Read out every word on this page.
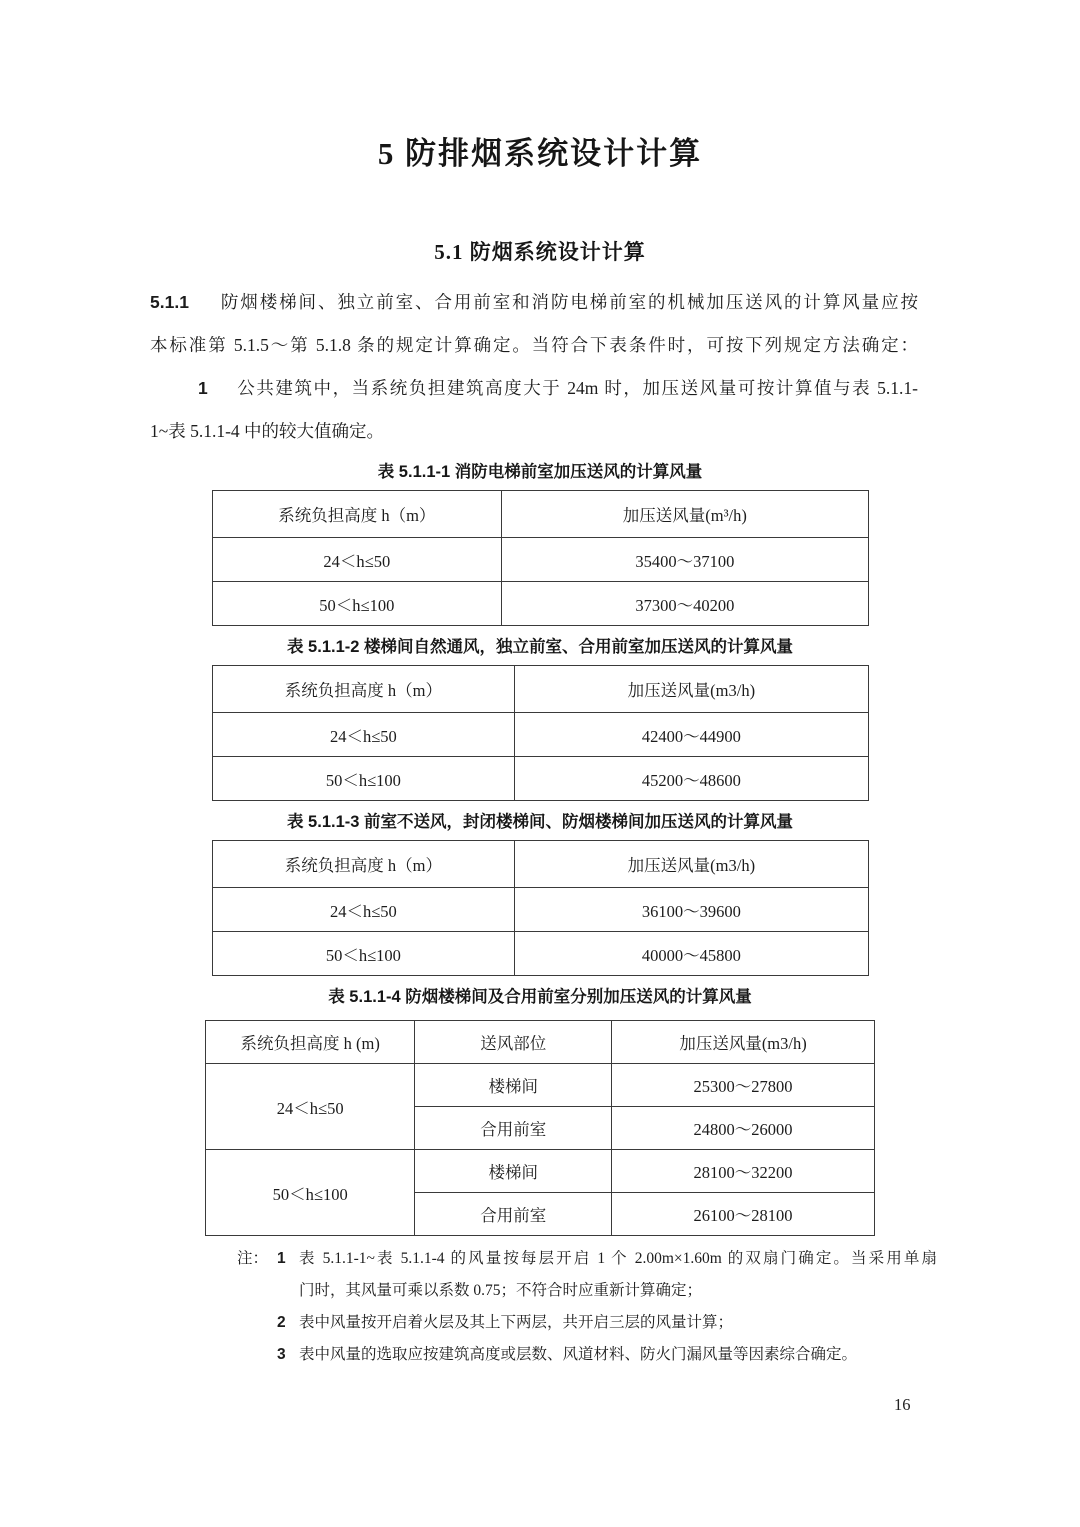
5 防排烟系统设计计算
5.1 防烟系统设计计算
5.1.1 防烟楼梯间、独立前室、合用前室和消防电梯前室的机械加压送风的计算风量应按
本标准第 5.1.5～第 5.1.8 条的规定计算确定。当符合下表条件时，可按下列规定方法确定：
1 公共建筑中，当系统负担建筑高度大于 24m 时，加压送风量可按计算值与表 5.1.1-
1~表 5.1.1-4 中的较大值确定。
表 5.1.1-1 消防电梯前室加压送风的计算风量
系统负担高度 h（m）	加压送风量(m³/h)
24＜h≤50	35400～37100
50＜h≤100	37300～40200
表 5.1.1-2 楼梯间自然通风，独立前室、合用前室加压送风的计算风量
系统负担高度 h（m）	加压送风量(m3/h)
24＜h≤50	42400～44900
50＜h≤100	45200～48600
表 5.1.1-3 前室不送风，封闭楼梯间、防烟楼梯间加压送风的计算风量
系统负担高度 h（m）	加压送风量(m3/h)
24＜h≤50	36100～39600
50＜h≤100	40000～45800
表 5.1.1-4 防烟楼梯间及合用前室分别加压送风的计算风量
系统负担高度 h (m)	送风部位	加压送风量(m3/h)
24＜h≤50	楼梯间	25300～27800
	合用前室	24800～26000
50＜h≤100	楼梯间	28100～32200
	合用前室	26100～28100
注： 1 表 5.1.1-1~表 5.1.1-4 的风量按每层开启 1 个 2.00m×1.60m 的双扇门确定。当采用单扇
门时，其风量可乘以系数 0.75；不符合时应重新计算确定；
2 表中风量按开启着火层及其上下两层，共开启三层的风量计算；
3 表中风量的选取应按建筑高度或层数、风道材料、防火门漏风量等因素综合确定。
16
